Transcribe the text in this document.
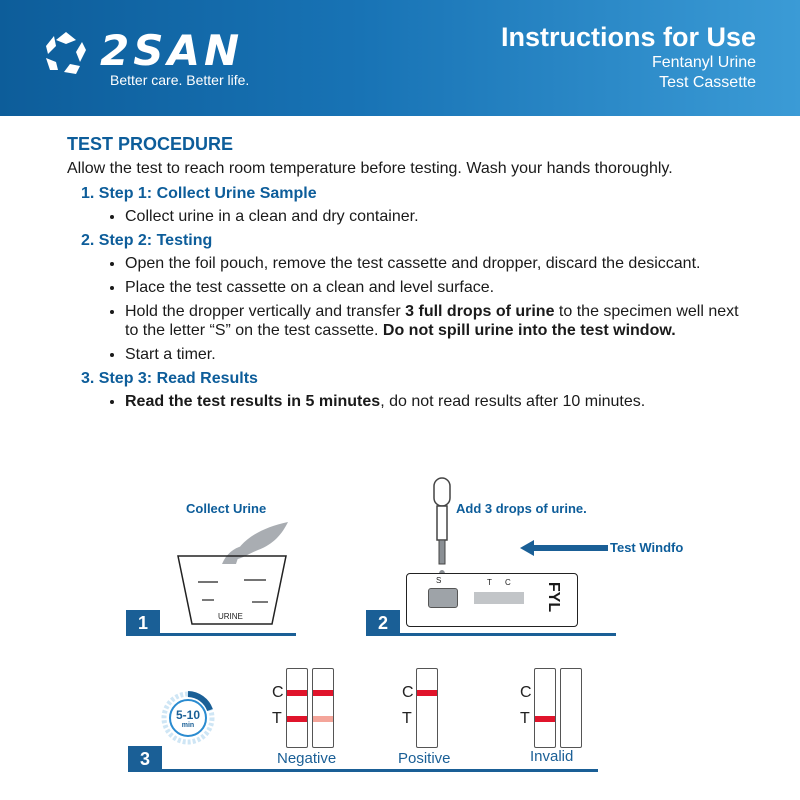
2SAN
Better care. Better life.
Instructions for Use
Fentanyl Urine
Test Cassette
TEST PROCEDURE

Allow the test to reach room temperature before testing. Wash your hands thoroughly.

1. Step 1: Collect Urine Sample
• Collect urine in a clean and dry container.
2. Step 2: Testing
• Open the foil pouch, remove the test cassette and dropper, discard the desiccant.
• Place the test cassette on a clean and level surface.
• Hold the dropper vertically and transfer 3 full drops of urine to the specimen well next to the letter “S” on the test cassette. Do not spill urine into the test window.
• Start a timer.
3. Step 3: Read Results
• Read the test results in 5 minutes, do not read results after 10 minutes.
Collect Urine
URINE
1
Add 3 drops of urine.
Test Windfo
S	T C FYL
2
5-10
min
C
T
Negative
C
T
Positive
C
T
Invalid
3
